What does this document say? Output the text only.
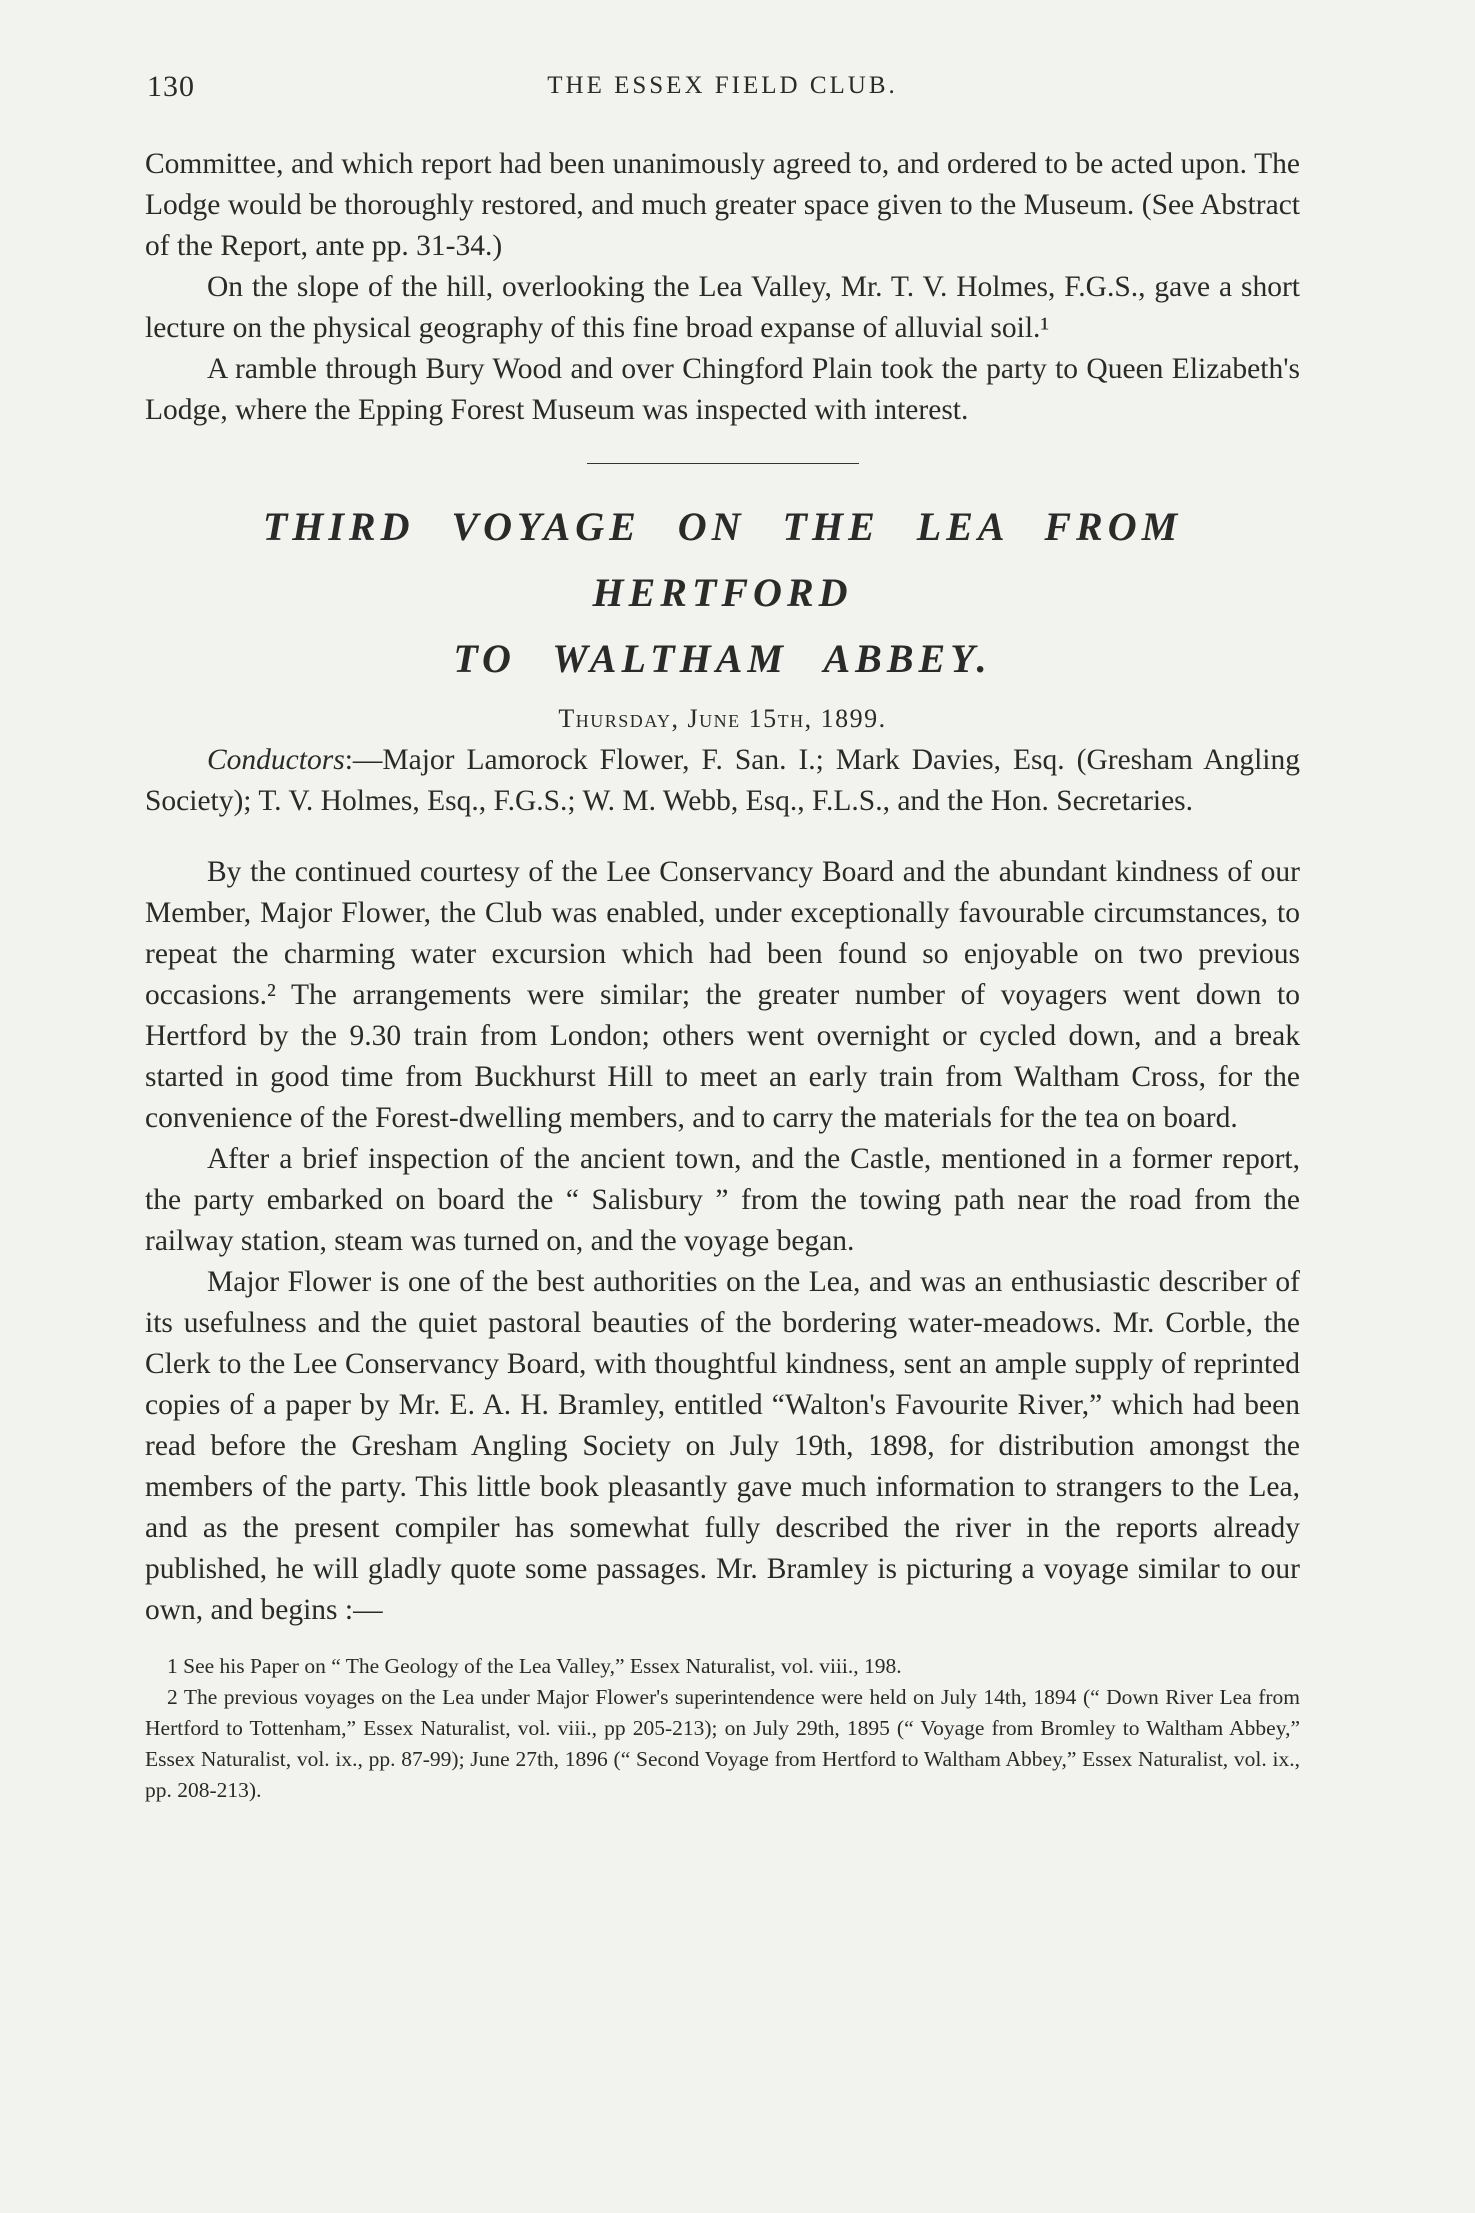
130	THE ESSEX FIELD CLUB.

Committee, and which report had been unanimously agreed to, and ordered to be acted upon. The Lodge would be thoroughly restored, and much greater space given to the Museum. (See Abstract of the Report, ante pp. 31-34.)

On the slope of the hill, overlooking the Lea Valley, Mr. T. V. Holmes, F.G.S., gave a short lecture on the physical geography of this fine broad expanse of alluvial soil.¹

A ramble through Bury Wood and over Chingford Plain took the party to Queen Elizabeth's Lodge, where the Epping Forest Museum was inspected with interest.

THIRD VOYAGE ON THE LEA FROM HERTFORD
TO WALTHAM ABBEY.
Thursday, June 15th, 1899.

Conductors:—Major Lamorock Flower, F. San. I.; Mark Davies, Esq. (Gresham Angling Society); T. V. Holmes, Esq., F.G.S.; W. M. Webb, Esq., F.L.S., and the Hon. Secretaries.

By the continued courtesy of the Lee Conservancy Board and the abundant kindness of our Member, Major Flower, the Club was enabled, under exceptionally favourable circumstances, to repeat the charming water excursion which had been found so enjoyable on two previous occasions.² The arrangements were similar; the greater number of voyagers went down to Hertford by the 9.30 train from London; others went overnight or cycled down, and a break started in good time from Buckhurst Hill to meet an early train from Waltham Cross, for the convenience of the Forest-dwelling members, and to carry the materials for the tea on board.

After a brief inspection of the ancient town, and the Castle, mentioned in a former report, the party embarked on board the “ Salisbury ” from the towing path near the road from the railway station, steam was turned on, and the voyage began.

Major Flower is one of the best authorities on the Lea, and was an enthusiastic describer of its usefulness and the quiet pastoral beauties of the bordering water-meadows. Mr. Corble, the Clerk to the Lee Conservancy Board, with thoughtful kindness, sent an ample supply of reprinted copies of a paper by Mr. E. A. H. Bramley, entitled “Walton's Favourite River,” which had been read before the Gresham Angling Society on July 19th, 1898, for distribution amongst the members of the party. This little book pleasantly gave much information to strangers to the Lea, and as the present compiler has somewhat fully described the river in the reports already published, he will gladly quote some passages. Mr. Bramley is picturing a voyage similar to our own, and begins :—

1 See his Paper on “ The Geology of the Lea Valley,” Essex Naturalist, vol. viii., 198.

2 The previous voyages on the Lea under Major Flower's superintendence were held on July 14th, 1894 (“ Down River Lea from Hertford to Tottenham,” Essex Naturalist, vol. viii., pp 205-213); on July 29th, 1895 (“ Voyage from Bromley to Waltham Abbey,” Essex Naturalist, vol. ix., pp. 87-99); June 27th, 1896 (“ Second Voyage from Hertford to Waltham Abbey,” Essex Naturalist, vol. ix., pp. 208-213).
